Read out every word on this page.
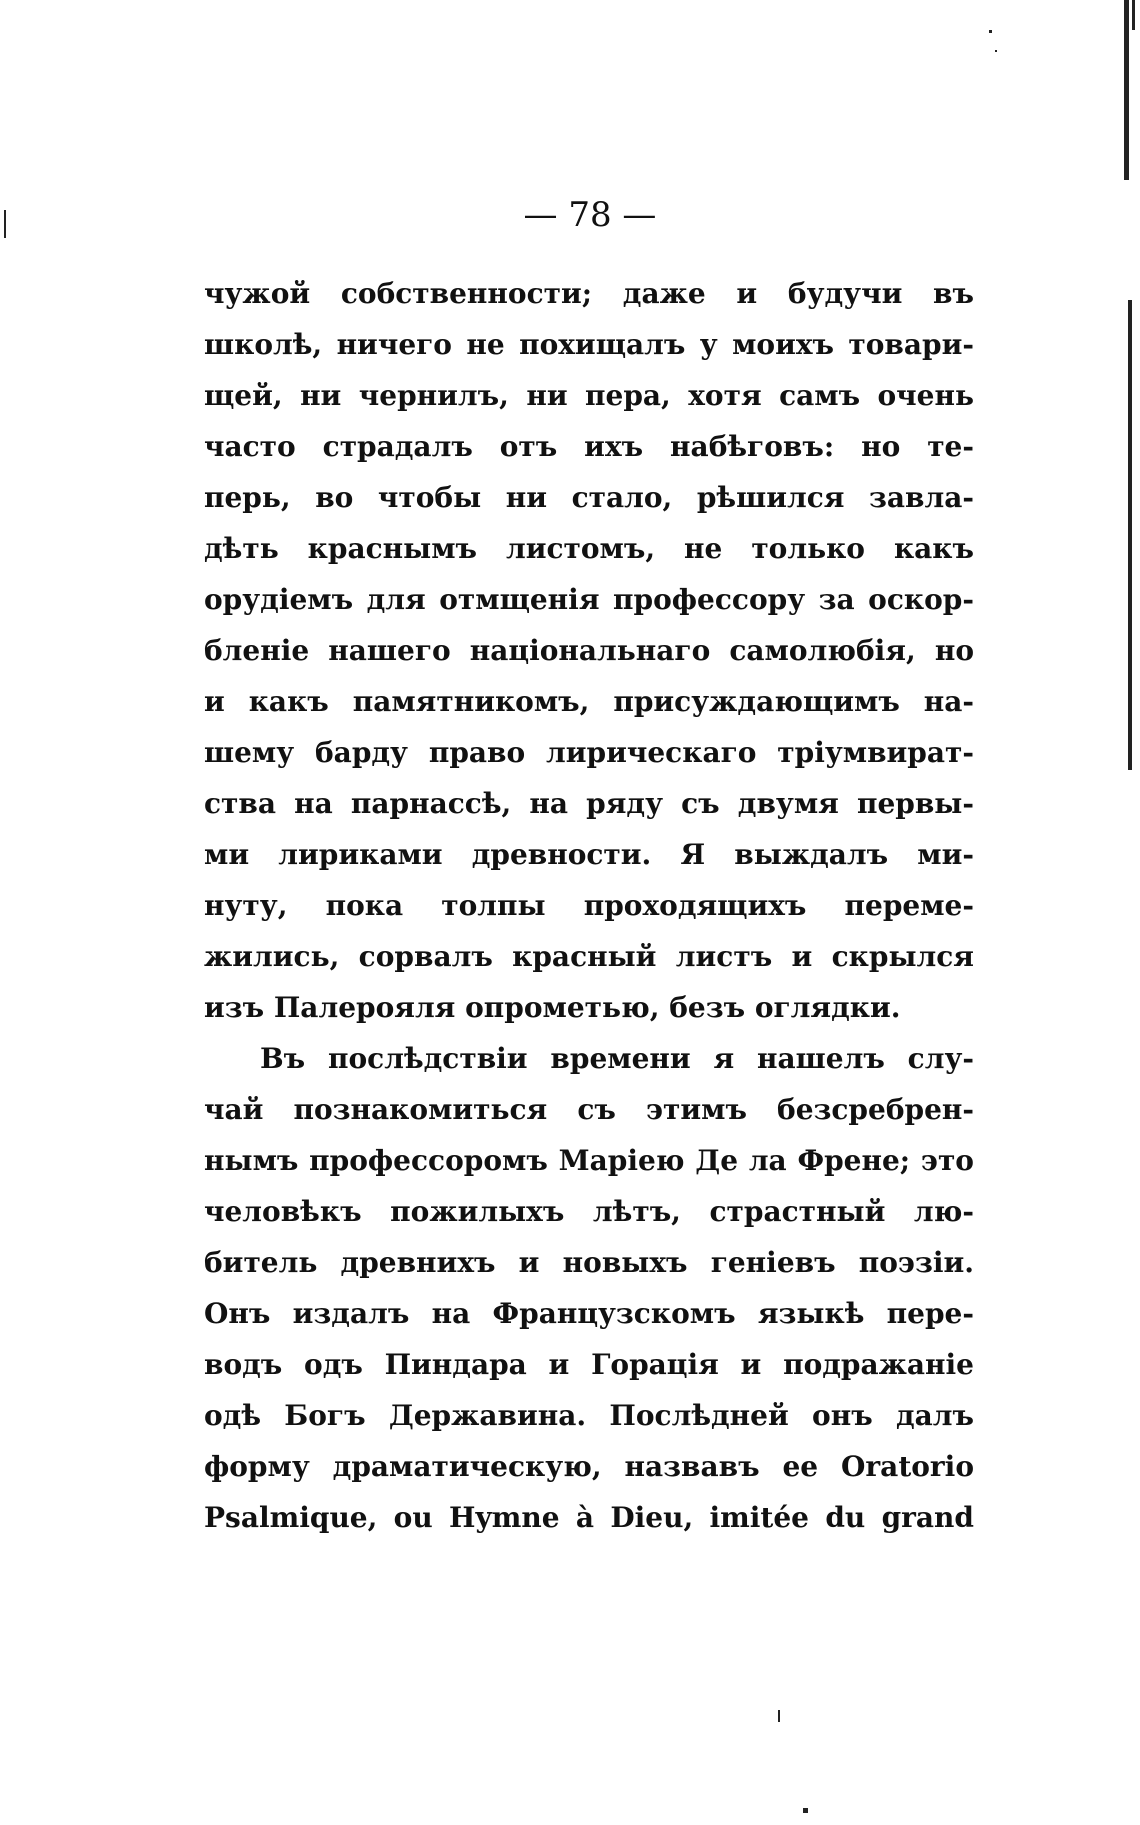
— 78 —
чужой собственности; даже и будучи въ
школѣ, ничего не похищалъ у моихъ товари-
щей, ни чернилъ, ни пера, хотя самъ очень
часто страдалъ отъ ихъ набѣговъ: но те-
перь, во чтобы ни стало, рѣшился завла-
дѣть краснымъ листомъ, не только какъ
орудіемъ для отмщенія профессору за оскор-
бленіе нашего національнаго самолюбія, но
и какъ памятникомъ, присуждающимъ на-
шему барду право лирическаго тріумвират-
ства на парнассѣ, на ряду съ двумя первы-
ми лириками древности. Я выждалъ ми-
нуту, пока толпы проходящихъ переме-
жились, сорвалъ красный листъ и скрылся
изъ Палерояля опрометью, безъ оглядки.
Въ послѣдствіи времени я нашелъ слу-
чай познакомиться съ этимъ безсребрен-
нымъ профессоромъ Маріею Де ла Френе; это
человѣкъ пожилыхъ лѣтъ, страстный лю-
битель древнихъ и новыхъ геніевъ поэзіи.
Онъ издалъ на Французскомъ языкѣ пере-
водъ одъ Пиндара и Горація и подражаніе
одѣ Богъ Державина. Послѣдней онъ далъ
форму драматическую, назвавъ ее Oratorio
Psalmique, ou Hymne à Dieu, imitée du grand
